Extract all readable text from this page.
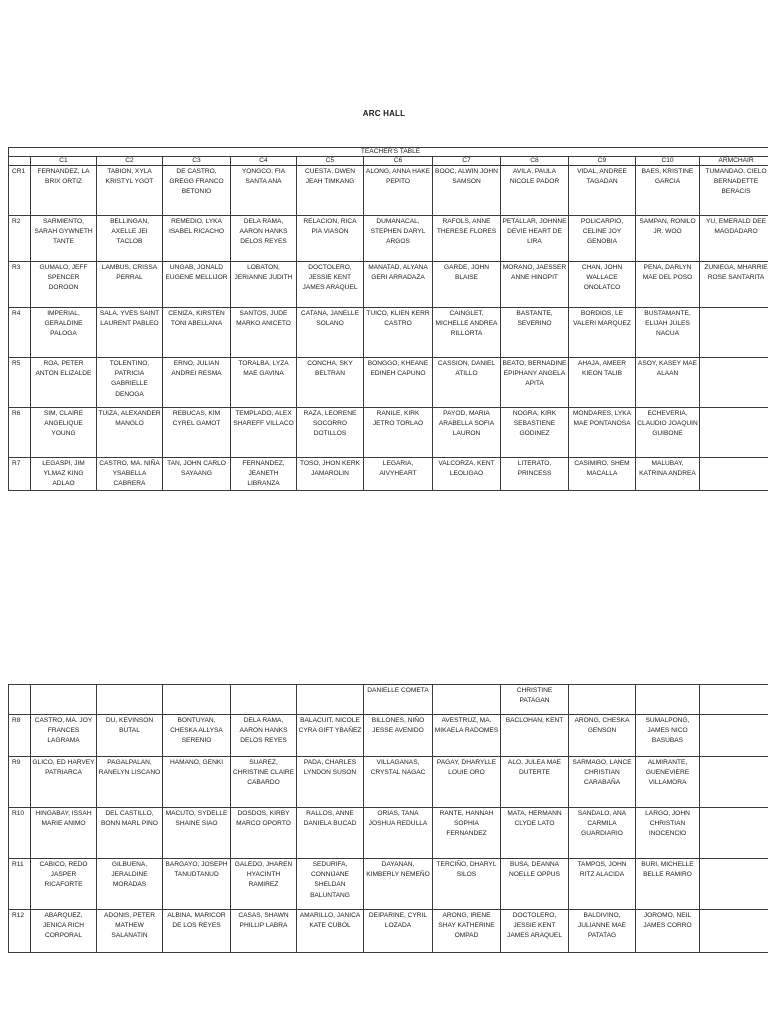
ARC HALL
TEACHER'S TABLE											
	C1	C2	C3	C4	C5	C6	C7	C8	C9	C10	ARMCHAIR
CR1	FERNANDEZ, LA BRIX ORTIZ	TABION, XYLA KRISTYL YGOT	DE CASTRO, GREGG FRANCO BETONIO	YONGCO, FIA SANTA ANA	CUESTA, DWEN JEAH TIMKANG	ALONG, ANNA HAKE PEPITO	BOOC, ALWIN JOHN SAMSON	AVILA, PAULA NICOLE PADOR	VIDAL, ANDREE TAGADAN	BAES, KRISTINE GARCIA	TUMANDAO, CIELO BERNADETTE BERACIS
R2	SARMIENTO, SARAH GYWNETH TANTE	BELLINGAN, AXELLE JEI TACLOB	REMEDIO, LYKA ISABEL RICACHO	DELA RAMA, AARON HANKS DELOS REYES	RELACION, RICA PIA VIASON	DUMANACAL, STEPHEN DARYL ARGOS	RAFOLS, ANNE THERESE FLORES	PETALLAR, JOHNNE DEVIE HEART DE LIRA	POLICARPIO, CELINE JOY GENOBIA	SAMPAN, RONILO JR. WOO	YU, EMERALD DEE MAGDADARO
R3	GUMALO, JEFF SPENCER DOROON	LAMBUS, CRISSA PERRAL	UNGAB, JONALD EUGENE MELLIJOR	LOBATON, JERIANNE JUDITH	DOCTOLERO, JESSIE KENT JAMES ARAQUEL	MANATAD, ALYANA GERI ARRADAZA	GARDE, JOHN BLAISE	MORANO, JAESSER ANNE HINOPIT	CHAN, JOHN WALLACE ONOLATCO	PENA, DARLYN MAE DEL POSO	ZUNIEGA, MHARRIE ROSE SANTARITA
R4	IMPERIAL, GERALDINE PALOGA	SALA, YVES SAINT LAURENT PABLEO	CENIZA, KIRSTEN TONI ABELLANA	SANTOS, JUDE MARKO ANICETO	CATANA, JANELLE SOLANO	TUICO, KLIEN KERR CASTRO	CAINGLET, MICHELLE ANDREA RILLORTA	BASTANTE, SEVERINO	BORDIOS, LE VALERI MARQUEZ	BUSTAMANTE, ELIJAH JULES NACUA	
R5	ROA, PETER ANTON ELIZALDE	TOLENTINO, PATRICIA GABRIELLE DENOGA	ERNO, JULIAN ANDREI RESMA	TORALBA, LYZA MAE GAVINA	CONCHA, SKY BELTRAN	BONGGO, KHEANE EDINEH CAPUNO	CASSION, DANIEL ATILLO	BEATO, BERNADINE EPIPHANY ANGELA APITA	AHAJA, AMEER KIEON TALIB	ASOY, KASEY MAE ALAAN	
R6	SIM, CLAIRE ANGELIQUE YOUNG	TUIZA, ALEXANDER MANGLO	REBUCAS, KIM CYREL GAMOT	TEMPLADO, ALEX SHAREFF VILLACO	RAZA, LEORENE SOCORRO DOTILLOS	RANILE, KIRK JETRO TORLAO	PAYOD, MARIA ARABELLA SOFIA LAURON	NOGRA, KIRK SEBASTIENE GODINEZ	MONDARES, LYKA MAE PONTANOSA	ECHEVERIA, CLAUDIO JOAQUIN GUIBONE	
R7	LEGASPI, JIM YLMAZ KING ADLAO	CASTRO, MA. NIÑA YSABELLA CABRERA	TAN, JOHN CARLO SAYAANG	FERNANDEZ, JEANETH LIBRANZA	TOSO, JHON KERK JAMAROLIN	LEGARIA, AIVYHEART	VALCORZA, KENT LEOLIGAO	LITERATO, PRINCESS	CASIMIRO, SHEM MACALLA	MALUBAY, KATRINA ANDREA	
						DANIELLE COMETA		CHRISTINE PATAGAN			
R8	CASTRO, MA. JOY FRANCES LAGRAMA	DU, KEVINSON BUTAL	BONTUYAN, CHESKA ALLYSA SERENIO	DELA RAMA, AARON HANKS DELOS REYES	BALACUIT, NICOLE CYRA GIFT YBAÑEZ	BILLONES, NIÑO JESSE AVENIDO	AVESTRUZ, MA. MIKAELA RADOMES	BACLOHAN, KENT	ARONG, CHESKA GENSON	SUMALPONG, JAMES NICO BASUBAS	
R9	GLICO, ED HARVEY PATRIARCA	PAGALPALAN, RANELYN LISCANO	HAMANO, GENKI	SUAREZ, CHRISTINE CLAIRE CABARDO	PADA, CHARLES LYNDON SUSON	VILLAGANAS, CRYSTAL NAGAC	PAGAY, DHARYLLE LOUIE ORO	ALO, JULEA MAE DUTERTE	SARMAGO, LANCE CHRISTIAN CARABAÑA	ALMIRANTE, GUENEVIERE VILLAMORA	
R10	HINGABAY, ISSAH MARIE ANIMO	DEL CASTILLO, BONN MARL PINO	MACUTO, SYDELLE SHAINE SIAO	DOSDOS, KIRBY MARCO OPORTO	RALLOS, ANNE DANIELA BUCAD	ORIAS, TANA JOSHUA REDULLA	RANTE, HANNAH SOPHIA FERNANDEZ	MATA, HERMANN CLYDE LATO	SANDALO, ANA CARMILA GUARDIARIO	LARGO, JOHN CHRISTIAN INOCENCIO	
R11	CABICO, REDO JASPER RICAFORTE	GILBUENA, JERALDINE MORADAS	BARGAYO, JOSEPH TANUDTANUD	GALEDO, JHAREN HYACINTH RAMIREZ	SEDURIFA, CONNIJANE SHELDAN BALUNTANG	DAYANAN, KIMBERLY NEMEÑO	TERCIÑO, DHARYL SILOS	BUSA, DEANNA NOELLE OPPUS	TAMPOS, JOHN RITZ ALACIDA	BURI, MICHELLE BELLE RAMIRO	
R12	ABARQUEZ, JENICA RICH CORPORAL	ADONIS, PETER MATHEW SALANATIN	ALBINA, MARICOR DE LOS REYES	CASAS, SHAWN PHILLIP LABRA	AMARILLO, JANICA KATE CUBOL	DEIPARINE, CYRIL LOZADA	ARONG, IRENE SHAY KATHERINE OMPAD	DOCTOLERO, JESSIE KENT JAMES ARAQUEL	BALDIVINO, JULIANNE MAE PATATAG	JOROMO, NEIL JAMES CORRO	
